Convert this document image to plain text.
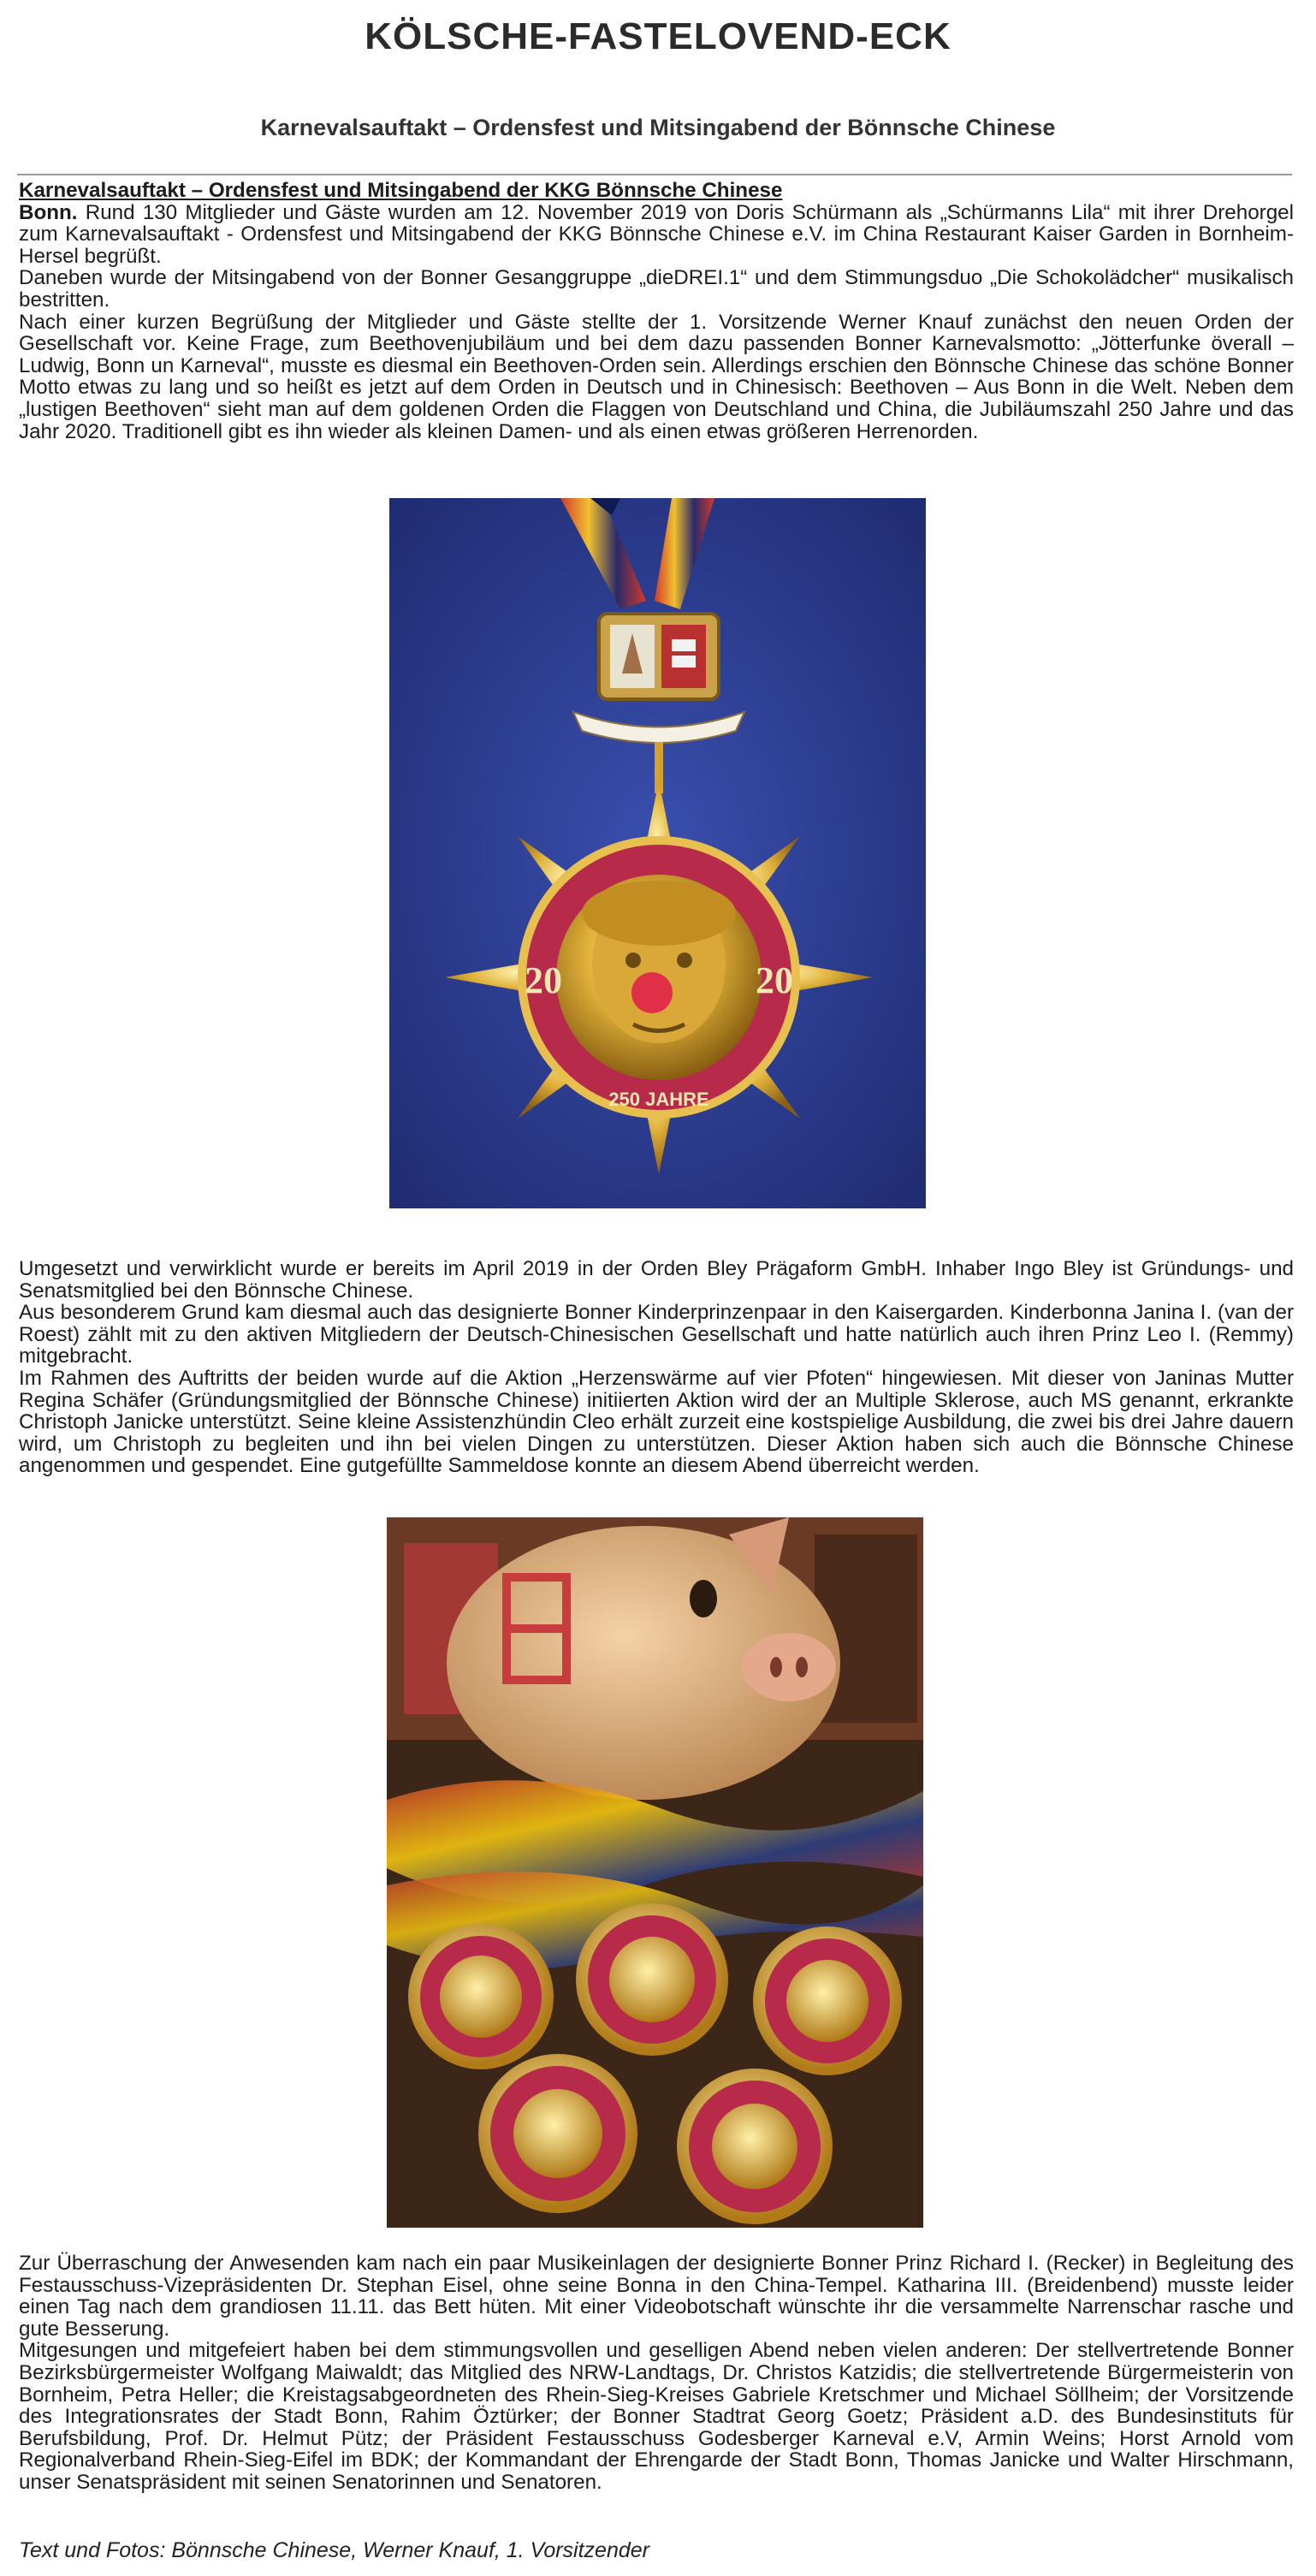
KÖLSCHE-FASTELOVEND-ECK
Karnevalsauftakt – Ordensfest und Mitsingabend der Bönnsche Chinese

Karnevalsauftakt – Ordensfest und Mitsingabend der KKG Bönnsche Chinese

Bonn. Rund 130 Mitglieder und Gäste wurden am 12. November 2019 von Doris Schürmann als „Schürmanns Lila“ mit ihrer Drehorgel zum Karnevalsauftakt - Ordensfest und Mitsingabend der KKG Bönnsche Chinese e.V. im China Restaurant Kaiser Garden in Bornheim-Hersel begrüßt.

Daneben wurde der Mitsingabend von der Bonner Gesanggruppe „dieDREI.1“ und dem Stimmungsduo „Die Schokolädcher“ musikalisch bestritten.

Nach einer kurzen Begrüßung der Mitglieder und Gäste stellte der 1. Vorsitzende Werner Knauf zunächst den neuen Orden der Gesellschaft vor. Keine Frage, zum Beethovenjubiläum und bei dem dazu passenden Bonner Karnevalsmotto: „Jötterfunke överall – Ludwig, Bonn un Karneval“, musste es diesmal ein Beethoven-Orden sein. Allerdings erschien den Bönnsche Chinese das schöne Bonner Motto etwas zu lang und so heißt es jetzt auf dem Orden in Deutsch und in Chinesisch: Beethoven – Aus Bonn in die Welt. Neben dem „lustigen Beethoven“ sieht man auf dem goldenen Orden die Flaggen von Deutschland und China, die Jubiläumszahl 250 Jahre und das Jahr 2020. Traditionell gibt es ihn wieder als kleinen Damen- und als einen etwas größeren Herrenorden.

20	20
250 JAHRE

Umgesetzt und verwirklicht wurde er bereits im April 2019 in der Orden Bley Prägaform GmbH. Inhaber Ingo Bley ist Gründungs- und Senatsmitglied bei den Bönnsche Chinese.

Aus besonderem Grund kam diesmal auch das designierte Bonner Kinderprinzenpaar in den Kaisergarden. Kinderbonna Janina I. (van der Roest) zählt mit zu den aktiven Mitgliedern der Deutsch-Chinesischen Gesellschaft und hatte natürlich auch ihren Prinz Leo I. (Remmy) mitgebracht.

Im Rahmen des Auftritts der beiden wurde auf die Aktion „Herzenswärme auf vier Pfoten“ hingewiesen. Mit dieser von Janinas Mutter Regina Schäfer (Gründungsmitglied der Bönnsche Chinese) initiierten Aktion wird der an Multiple Sklerose, auch MS genannt, erkrankte Christoph Janicke unterstützt. Seine kleine Assistenzhündin Cleo erhält zurzeit eine kostspielige Ausbildung, die zwei bis drei Jahre dauern wird, um Christoph zu begleiten und ihn bei vielen Dingen zu unterstützen. Dieser Aktion haben sich auch die Bönnsche Chinese angenommen und gespendet. Eine gutgefüllte Sammeldose konnte an diesem Abend überreicht werden.

Zur Überraschung der Anwesenden kam nach ein paar Musikeinlagen der designierte Bonner Prinz Richard I. (Recker) in Begleitung des Festausschuss-Vizepräsidenten Dr. Stephan Eisel, ohne seine Bonna in den China-Tempel. Katharina III. (Breidenbend) musste leider einen Tag nach dem grandiosen 11.11. das Bett hüten. Mit einer Videobotschaft wünschte ihr die versammelte Narrenschar rasche und gute Besserung.

Mitgesungen und mitgefeiert haben bei dem stimmungsvollen und geselligen Abend neben vielen anderen: Der stellvertretende Bonner Bezirksbürgermeister Wolfgang Maiwaldt; das Mitglied des NRW-Landtags, Dr. Christos Katzidis; die stellvertretende Bürgermeisterin von Bornheim, Petra Heller; die Kreistagsabgeordneten des Rhein-Sieg-Kreises Gabriele Kretschmer und Michael Söllheim; der Vorsitzende des Integrationsrates der Stadt Bonn, Rahim Öztürker; der Bonner Stadtrat Georg Goetz; Präsident a.D. des Bundesinstituts für Berufsbildung, Prof. Dr. Helmut Pütz; der Präsident Festausschuss Godesberger Karneval e.V, Armin Weins; Horst Arnold vom Regionalverband Rhein-Sieg-Eifel im BDK; der Kommandant der Ehrengarde der Stadt Bonn, Thomas Janicke und Walter Hirschmann, unser Senatspräsident mit seinen Senatorinnen und Senatoren.

Text und Fotos: Bönnsche Chinese, Werner Knauf, 1. Vorsitzender
